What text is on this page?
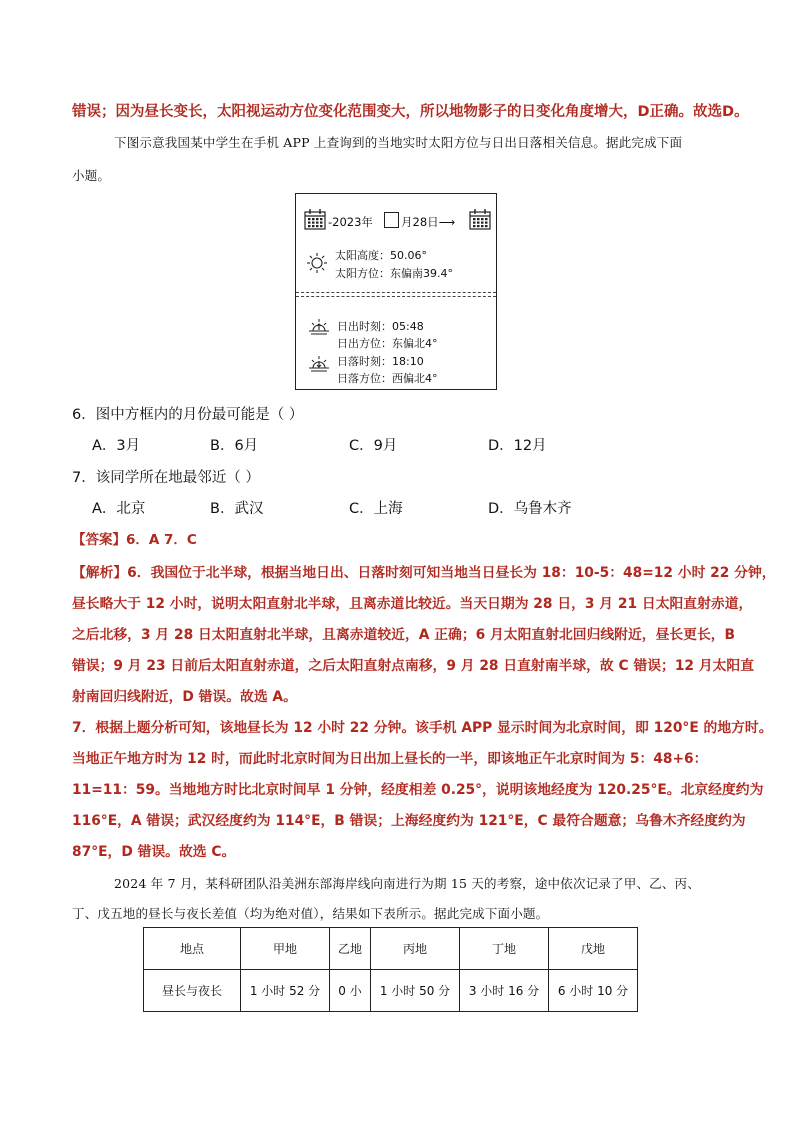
错误；因为昼长变长，太阳视运动方位变化范围变大，所以地物影子的日变化角度增大，D正确。故选D。
下图示意我国某中学生在手机 APP 上查询到的当地实时太阳方位与日出日落相关信息。据此完成下面
小题。
-2023年 月28日⟶
太阳高度：50.06°
太阳方位：东偏南39.4°
日出时刻：05:48
日出方位：东偏北4°
日落时刻：18:10
日落方位：西偏北4°
6．图中方框内的月份最可能是（ ）
A．3月	B．6月	C．9月	D．12月
7．该同学所在地最邻近（ ）
A．北京	B．武汉	C．上海	D．乌鲁木齐
【答案】6．A 7．C
【解析】6．我国位于北半球，根据当地日出、日落时刻可知当地当日昼长为 18：10-5：48=12 小时 22 分钟，
昼长略大于 12 小时，说明太阳直射北半球，且离赤道比较近。当天日期为 28 日，3 月 21 日太阳直射赤道，
之后北移，3 月 28 日太阳直射北半球，且离赤道较近，A 正确；6 月太阳直射北回归线附近，昼长更长，B
错误；9 月 23 日前后太阳直射赤道，之后太阳直射点南移，9 月 28 日直射南半球，故 C 错误；12 月太阳直
射南回归线附近，D 错误。故选 A。
7．根据上题分析可知，该地昼长为 12 小时 22 分钟。该手机 APP 显示时间为北京时间，即 120°E 的地方时。
当地正午地方时为 12 时，而此时北京时间为日出加上昼长的一半，即该地正午北京时间为 5：48+6：
11=11：59。当地地方时比北京时间早 1 分钟，经度相差 0.25°，说明该地经度为 120.25°E。北京经度约为
116°E，A 错误；武汉经度约为 114°E，B 错误；上海经度约为 121°E，C 最符合题意；乌鲁木齐经度约为
87°E，D 错误。故选 C。
2024 年 7 月，某科研团队沿美洲东部海岸线向南进行为期 15 天的考察，途中依次记录了甲、乙、丙、
丁、戊五地的昼长与夜长差值（均为绝对值），结果如下表所示。据此完成下面小题。
地点	甲地	乙地	丙地	丁地	戊地
昼长与夜长	1 小时 52 分	0 小	1 小时 50 分	3 小时 16 分	6 小时 10 分
